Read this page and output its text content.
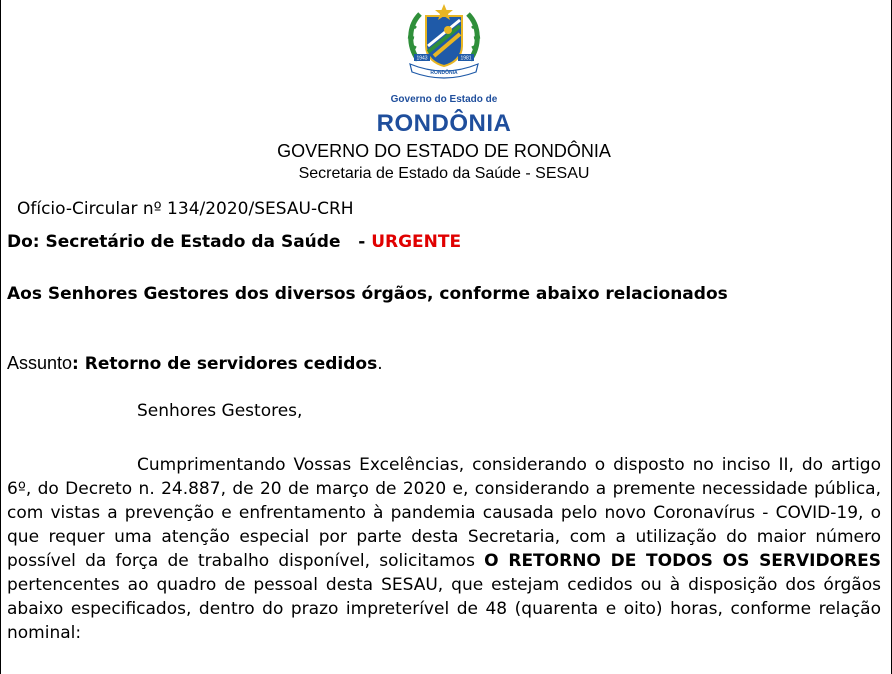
1943	1981
RONDÔNIA
Governo do Estado de
RONDÔNIA
GOVERNO DO ESTADO DE RONDÔNIA
Secretaria de Estado da Saúde - SESAU
Ofício-Circular nº 134/2020/SESAU-CRH
Do: Secretário de Estado da Saúde   - URGENTE
Aos Senhores Gestores dos diversos órgãos, conforme abaixo relacionados
Assunto: Retorno de servidores cedidos.
Senhores Gestores,
Cumprimentando Vossas Excelências, considerando o disposto no inciso II, do artigo 6º, do Decreto n. 24.887, de 20 de março de 2020 e, considerando a premente necessidade pública, com vistas a prevenção e enfrentamento à pandemia causada pelo novo Coronavírus - COVID-19, o que requer uma atenção especial por parte desta Secretaria, com a utilização do maior número possível da força de trabalho disponível, solicitamos O RETORNO DE TODOS OS SERVIDORES pertencentes ao quadro de pessoal desta SESAU, que estejam cedidos ou à disposição dos órgãos abaixo especificados, dentro do prazo impreterível de 48 (quarenta e oito) horas, conforme relação nominal:
